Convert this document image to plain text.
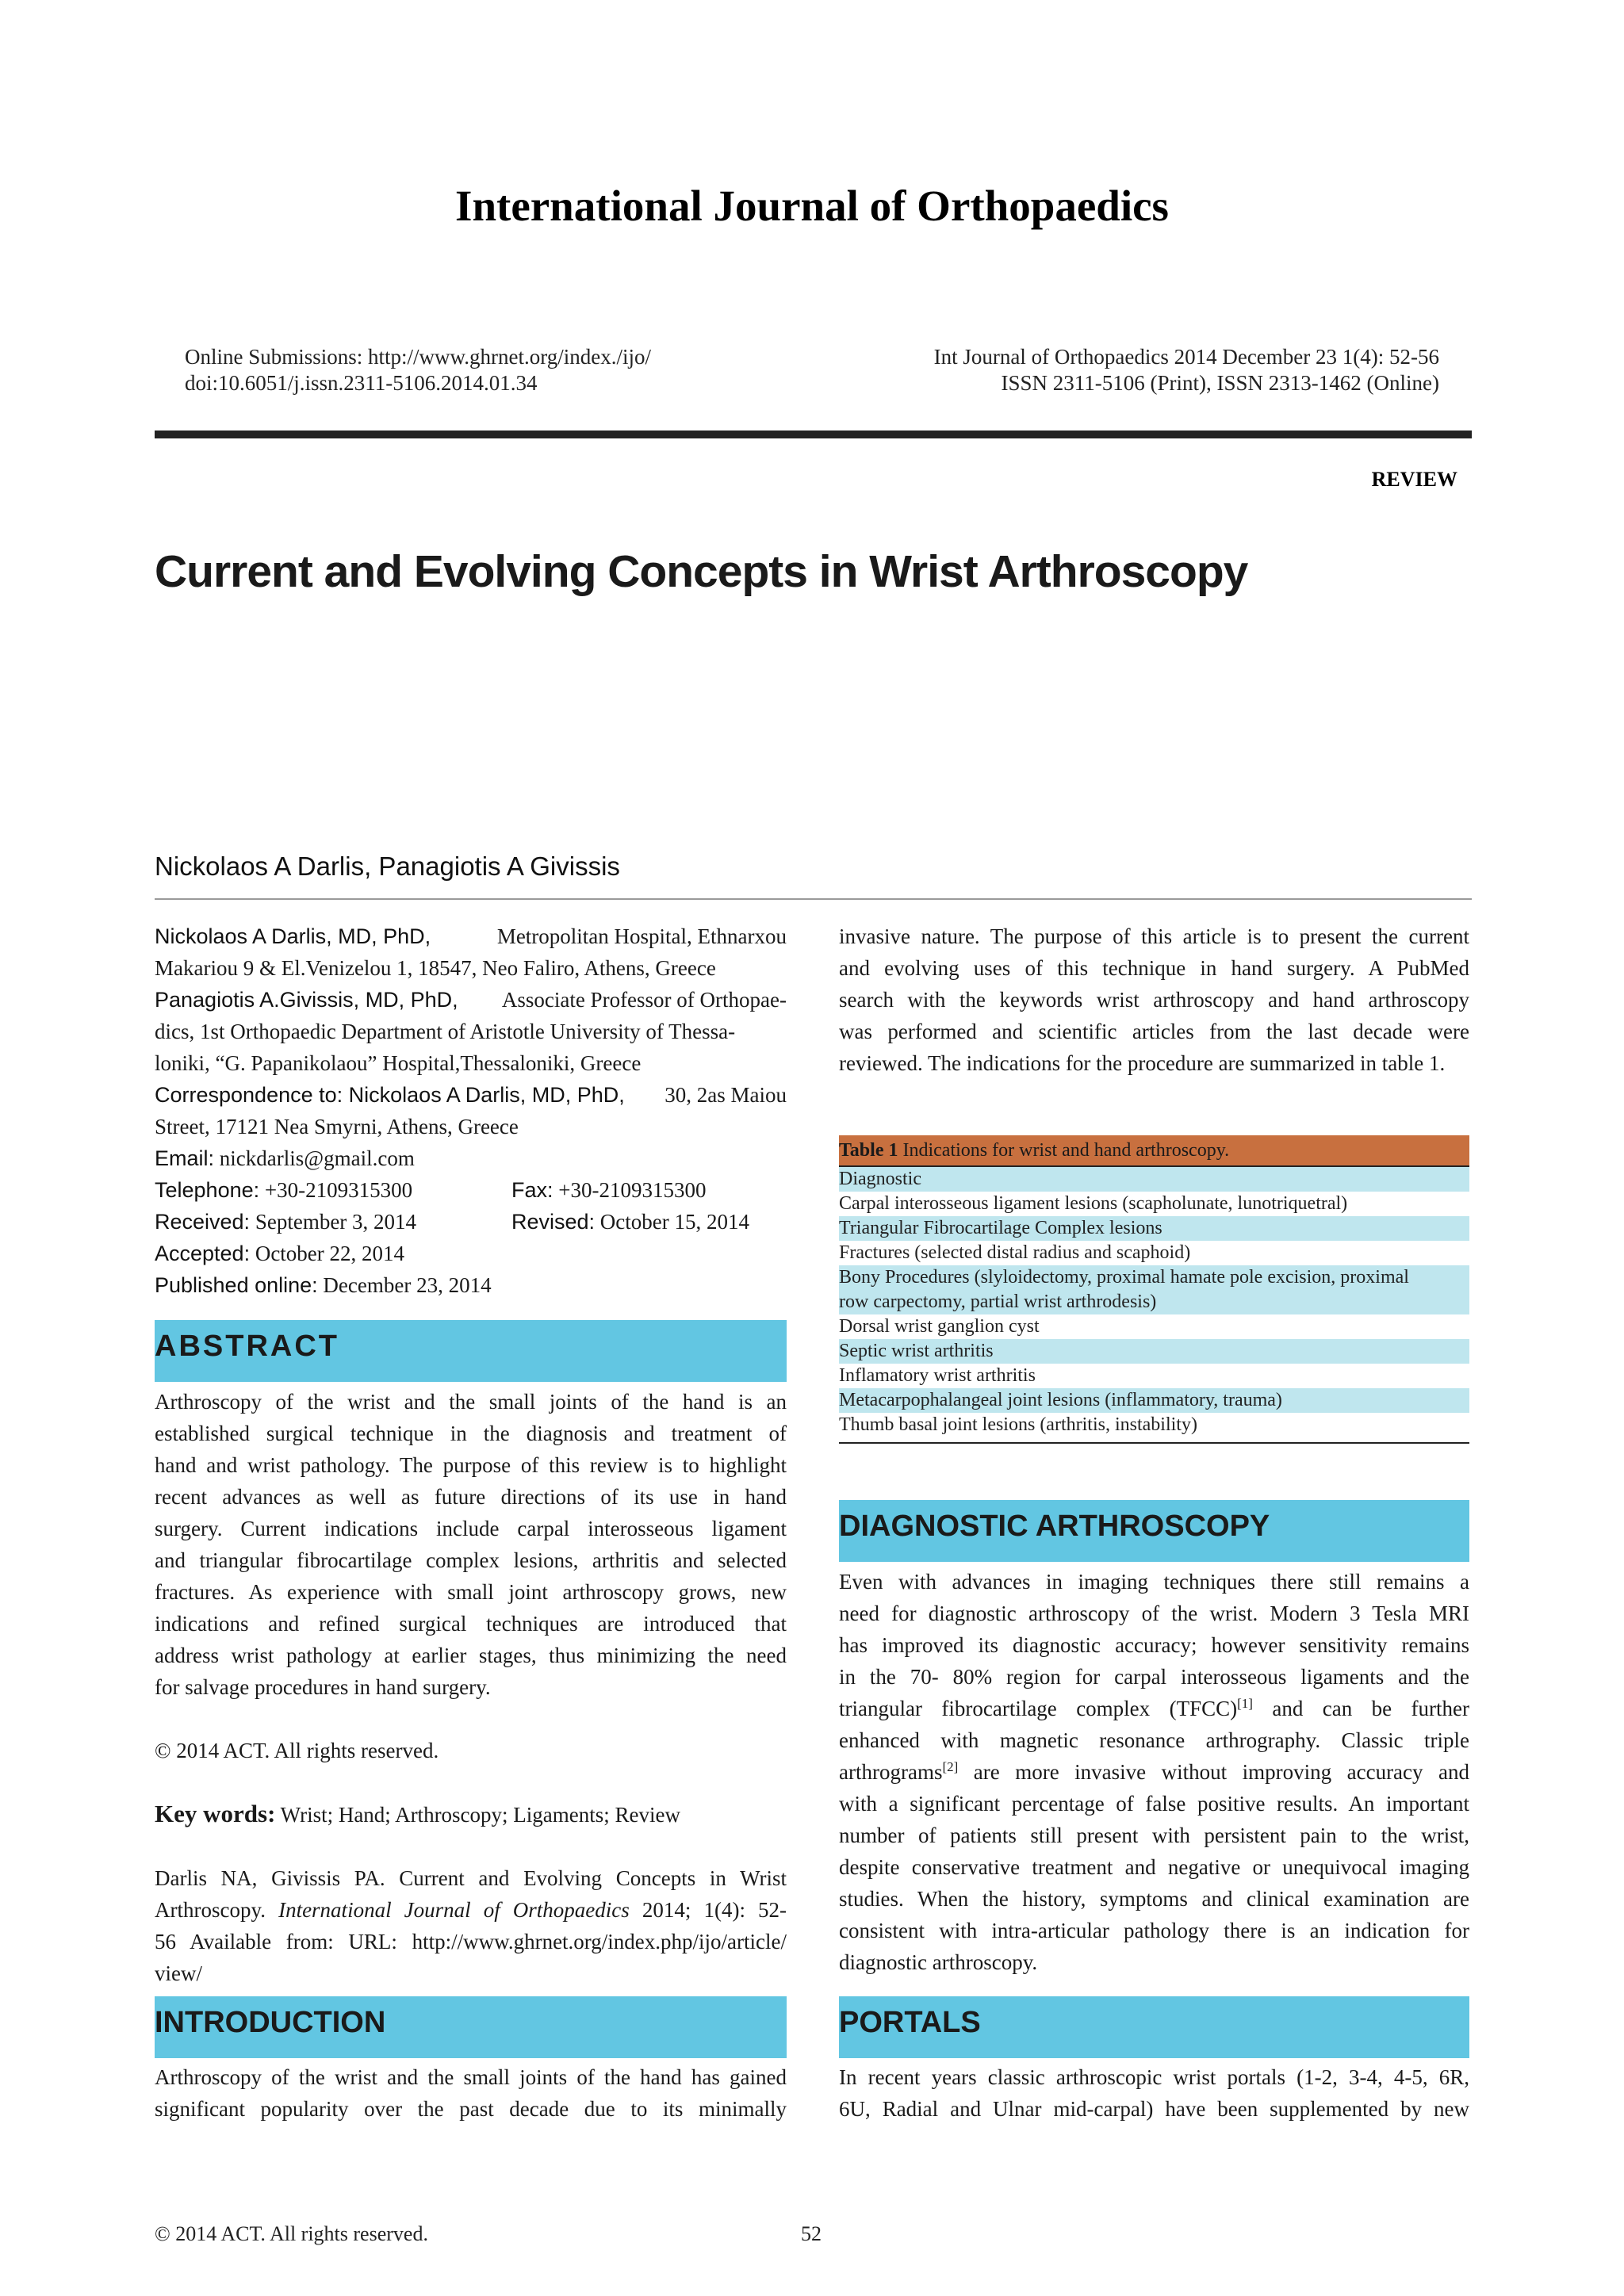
International Journal of Orthopaedics
Online Submissions: http://www.ghrnet.org/index./ijo/
doi:10.6051/j.issn.2311-5106.2014.01.34
Int Journal of Orthopaedics 2014 December 23 1(4): 52-56
ISSN 2311-5106 (Print), ISSN 2313-1462 (Online)
REVIEW
Current and Evolving Concepts in Wrist Arthroscopy
Nickolaos A Darlis, Panagiotis A Givissis
Nickolaos A Darlis, MD, PhD,	Metropolitan Hospital, Ethnarxou
Makariou 9 & El.Venizelou 1, 18547, Neo Faliro, Athens, Greece
Panagiotis A.Givissis, MD, PhD, Associate Professor of Orthopae-
dics, 1st Orthopaedic Department of Aristotle University of Thessa-
loniki, “G. Papanikolaou” Hospital,Thessaloniki, Greece
Correspondence to: Nickolaos A Darlis, MD, PhD, 30, 2as Maiou
Street, 17121 Nea Smyrni, Athens, Greece
Email: nickdarlis@gmail.com
Telephone: +30-2109315300	Fax: +30-2109315300
Received: September 3, 2014	Revised: October 15, 2014
Accepted: October 22, 2014
Published online: December 23, 2014
ABSTRACT
Arthroscopy of the wrist and the small joints of the hand is an
established surgical technique in the diagnosis and treatment of
hand and wrist pathology. The purpose of this review is to highlight
recent advances as well as future directions of its use in hand
surgery. Current indications include carpal interosseous ligament
and triangular fibrocartilage complex lesions, arthritis and selected
fractures. As experience with small joint arthroscopy grows, new
indications and refined surgical techniques are introduced that
address wrist pathology at earlier stages, thus minimizing the need
for salvage procedures in hand surgery.
© 2014 ACT. All rights reserved.
Key words: Wrist; Hand; Arthroscopy; Ligaments; Review
Darlis NA, Givissis PA. Current and Evolving Concepts in Wrist
Arthroscopy. International Journal of Orthopaedics 2014; 1(4): 52-
56 Available from: URL: http://www.ghrnet.org/index.php/ijo/article/
view/
INTRODUCTION
Arthroscopy of the wrist and the small joints of the hand has gained
significant popularity over the past decade due to its minimally
invasive nature. The purpose of this article is to present the current
and evolving uses of this technique in hand surgery. A PubMed
search with the keywords wrist arthroscopy and hand arthroscopy
was performed and scientific articles from the last decade were
reviewed. The indications for the procedure are summarized in table 1.
Table 1 Indications for wrist and hand arthroscopy.
Diagnostic
Carpal interosseous ligament lesions (scapholunate, lunotriquetral)
Triangular Fibrocartilage Complex lesions
Fractures (selected distal radius and scaphoid)
Bony Procedures (slyloidectomy, proximal hamate pole excision, proximal
row carpectomy, partial wrist arthrodesis)
Dorsal wrist ganglion cyst
Septic wrist arthritis
Inflamatory wrist arthritis
Metacarpophalangeal joint lesions (inflammatory, trauma)
Thumb basal joint lesions (arthritis, instability)
DIAGNOSTIC ARTHROSCOPY
Even with advances in imaging techniques there still remains a
need for diagnostic arthroscopy of the wrist. Modern 3 Tesla MRI
has improved its diagnostic accuracy; however sensitivity remains
in the 70- 80% region for carpal interosseous ligaments and the
triangular fibrocartilage complex (TFCC)[1] and can be further
enhanced with magnetic resonance arthrography. Classic triple
arthrograms[2] are more invasive without improving accuracy and
with a significant percentage of false positive results. An important
number of patients still present with persistent pain to the wrist,
despite conservative treatment and negative or unequivocal imaging
studies. When the history, symptoms and clinical examination are
consistent with intra-articular pathology there is an indication for
diagnostic arthroscopy.
PORTALS
In recent years classic arthroscopic wrist portals (1-2, 3-4, 4-5, 6R,
6U, Radial and Ulnar mid-carpal) have been supplemented by new
© 2014 ACT. All rights reserved.	52
